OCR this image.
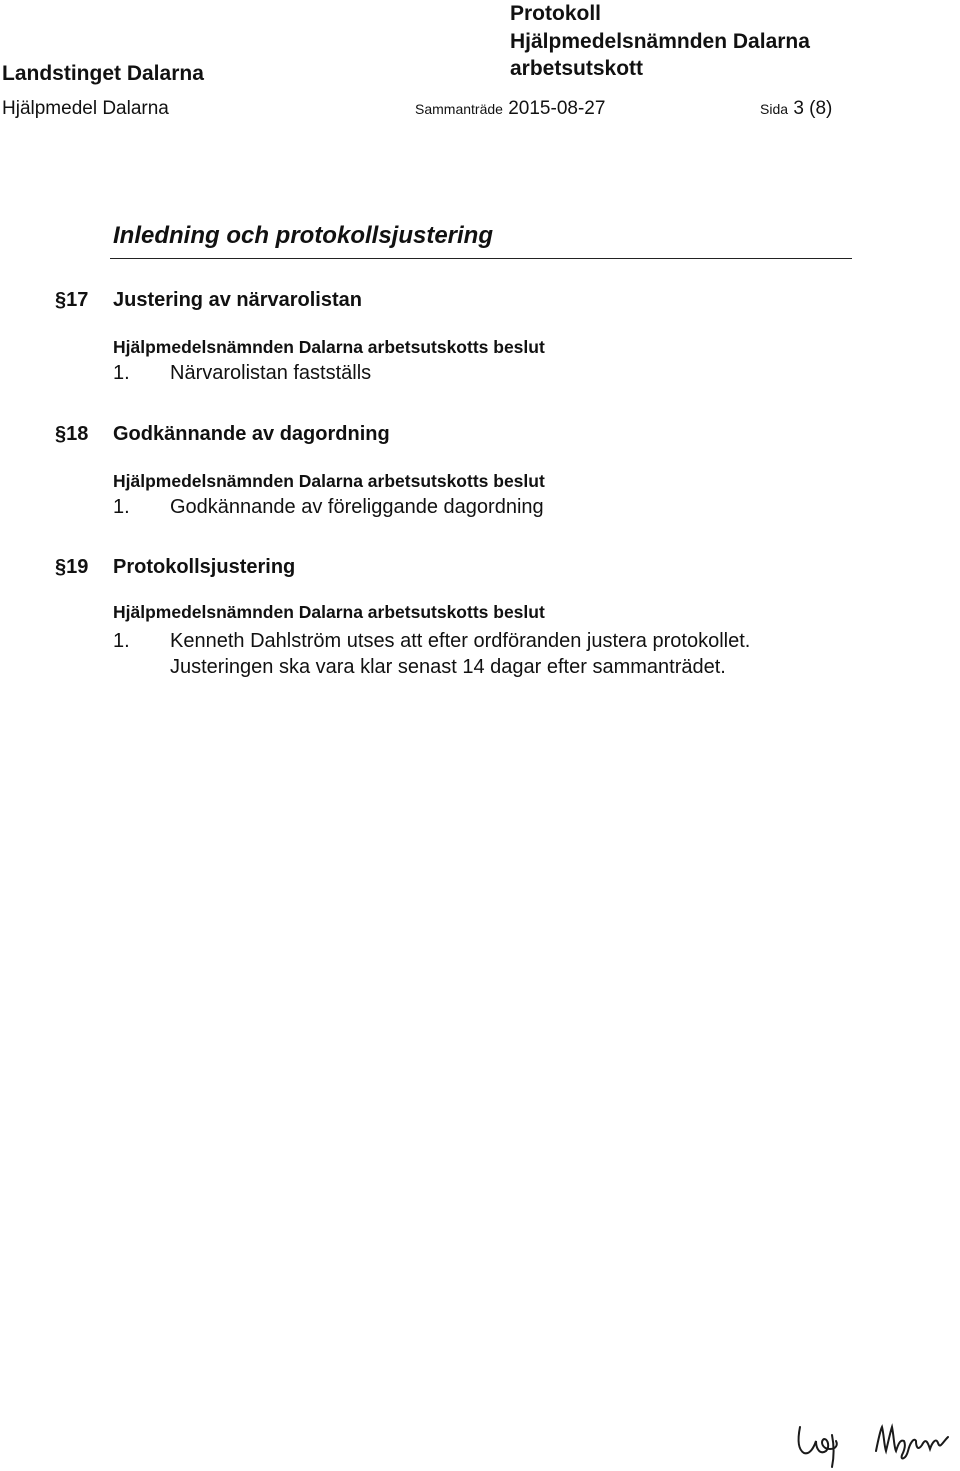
Landstinget Dalarna
Hjälpmedel Dalarna
Protokoll
Hjälpmedelsnämnden Dalarna
arbetsutskott
Sammanträde 2015-08-27	Sida 3 (8)
Inledning och protokollsjustering
§17 Justering av närvarolistan
Hjälpmedelsnämnden Dalarna arbetsutskotts beslut
1. Närvarolistan fastställs
§18 Godkännande av dagordning
Hjälpmedelsnämnden Dalarna arbetsutskotts beslut
1. Godkännande av föreliggande dagordning
§19 Protokollsjustering
Hjälpmedelsnämnden Dalarna arbetsutskotts beslut
1. Kenneth Dahlström utses att efter ordföranden justera protokollet.
Justeringen ska vara klar senast 14 dagar efter sammanträdet.
